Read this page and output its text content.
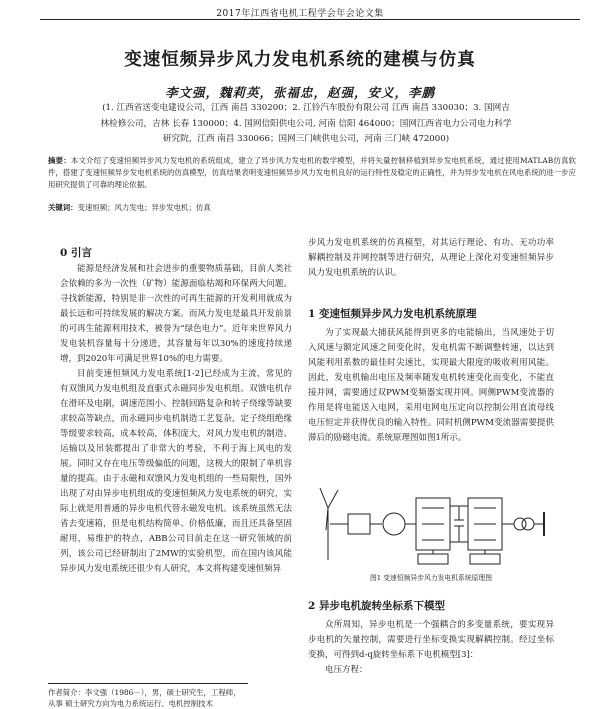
2017年江西省电机工程学会年会论文集
变速恒频异步风力发电机系统的建模与仿真
李文强，魏莉英，张福忠，赵强，安义，李鹏
(1. 江西省送变电建设公司，江西 南昌 330200；2. 江铃汽车股份有限公司 江西 南昌 330030；3. 国网吉
林检修公司，吉林 长春 130000；4. 国网信阳供电公司, 河南 信阳 464000；国网江西省电力公司电力科学
研究院，江西 南昌 330066；国网三门峡供电公司，河南 三门峡 472000)
摘要：本文介绍了变速恒频异步风力发电机的系统组成，建立了异步风力发电机的数学模型，并将矢量控制移植到异步发电机系统，通过使用MATLAB仿真软件，搭建了变速恒频异步发电机系统的仿真模型，仿真结果表明变速恒频异步风力发电机良好的运行特性及稳定的正确性，并为异步发电机在风电系统的进一步应用研究提供了可靠的理论依据。
关键词：变速恒频；风力发电；异步发电机；仿真
0 引言

能源是经济发展和社会进步的重要物质基础，目前人类社会依赖的多为一次性（矿物）能源面临枯竭和环保两大问题。寻找新能源，特别是非一次性的可再生能源的开发利用就成为最长远和可持续发展的解决方案。而风力发电是最具开发前景的可再生能源利用技术，被誉为“绿色电力”。近年来世界风力发电装机容量每十分递进，其容量每年以30%的速度持续递增，到2020年可满足世界10%的电力需要。

目前变速恒频风力发电系统[1-2]已经成为主流，常见的有双馈风力发电机组及直驱式永磁同步发电机组。双馈电机存在滑环及电刷，调速范围小、控制回路复杂和转子绕缘等缺要求较高等缺点，而永磁同步电机制造工艺复杂，定子绕组绝缘等级要求较高，成本较高，体积庞大，对风力发电机的制造、运输以及吊装都提出了非常大的考验，不利于海上风电的发展。同时又存在电压等级偏低的问题，这极大的限制了单机容量的提高。由于永磁和双馈风力发电机组的一些局限性，国外出现了对由异步电机组成的变速恒频风力发电系统的研究，实际上就是用普通的异步电机代替永磁发电机。该系统虽然无法省去变速箱，但是电机结构简单、价格低廉，而且还具备坚固耐用，易维护的特点，ABB公司目前走在这一研究领域的前列，该公司已经研制出了2MW的实验机型，而在国内该风能异步风力发电系统还很少有人研究，本文将构建变速恒频异

作者简介：李文强（1986－），男，硕士研究生，工程师，
从事 硕士研究方向为电力系统运行、电机控制技术

步风力发电机系统的仿真模型，对其运行理论、有功、无功功率解耦控制及并网控制等进行研究，从理论上深化对变速恒频异步风力发电机系统的认识。

1 变速恒频异步风力发电机系统原理

为了实现最大捕获风能得到更多的电能输出，当风速处于切入风速与额定风速之间变化时，发电机需不断调整转速，以达到风能利用系数的最佳时尖速比，实现最大限度的吸收利用风能。因此，发电机输出电压及频率随发电机转速变化而变化，不能直接并网，需要通过双PWM变频器实现并网。网侧PWM变流器的作用是将电能送入电网，采用电网电压定向以控制公用直流母线电压恒定并获得优良的输入特性。同时机侧PWM变流器需要提供滞后的励磁电流。系统原理图如图1所示。

图1 变速恒频异步风力发电机系统原理图
2 异步电机旋转坐标系下模型

众所周知，异步电机是一个强耦合的多变量系统，要实现异步电机的矢量控制，需要进行坐标变换实现解耦控制。经过坐标变换，可得到d-q旋转坐标系下电机模型[3]：

电压方程：
